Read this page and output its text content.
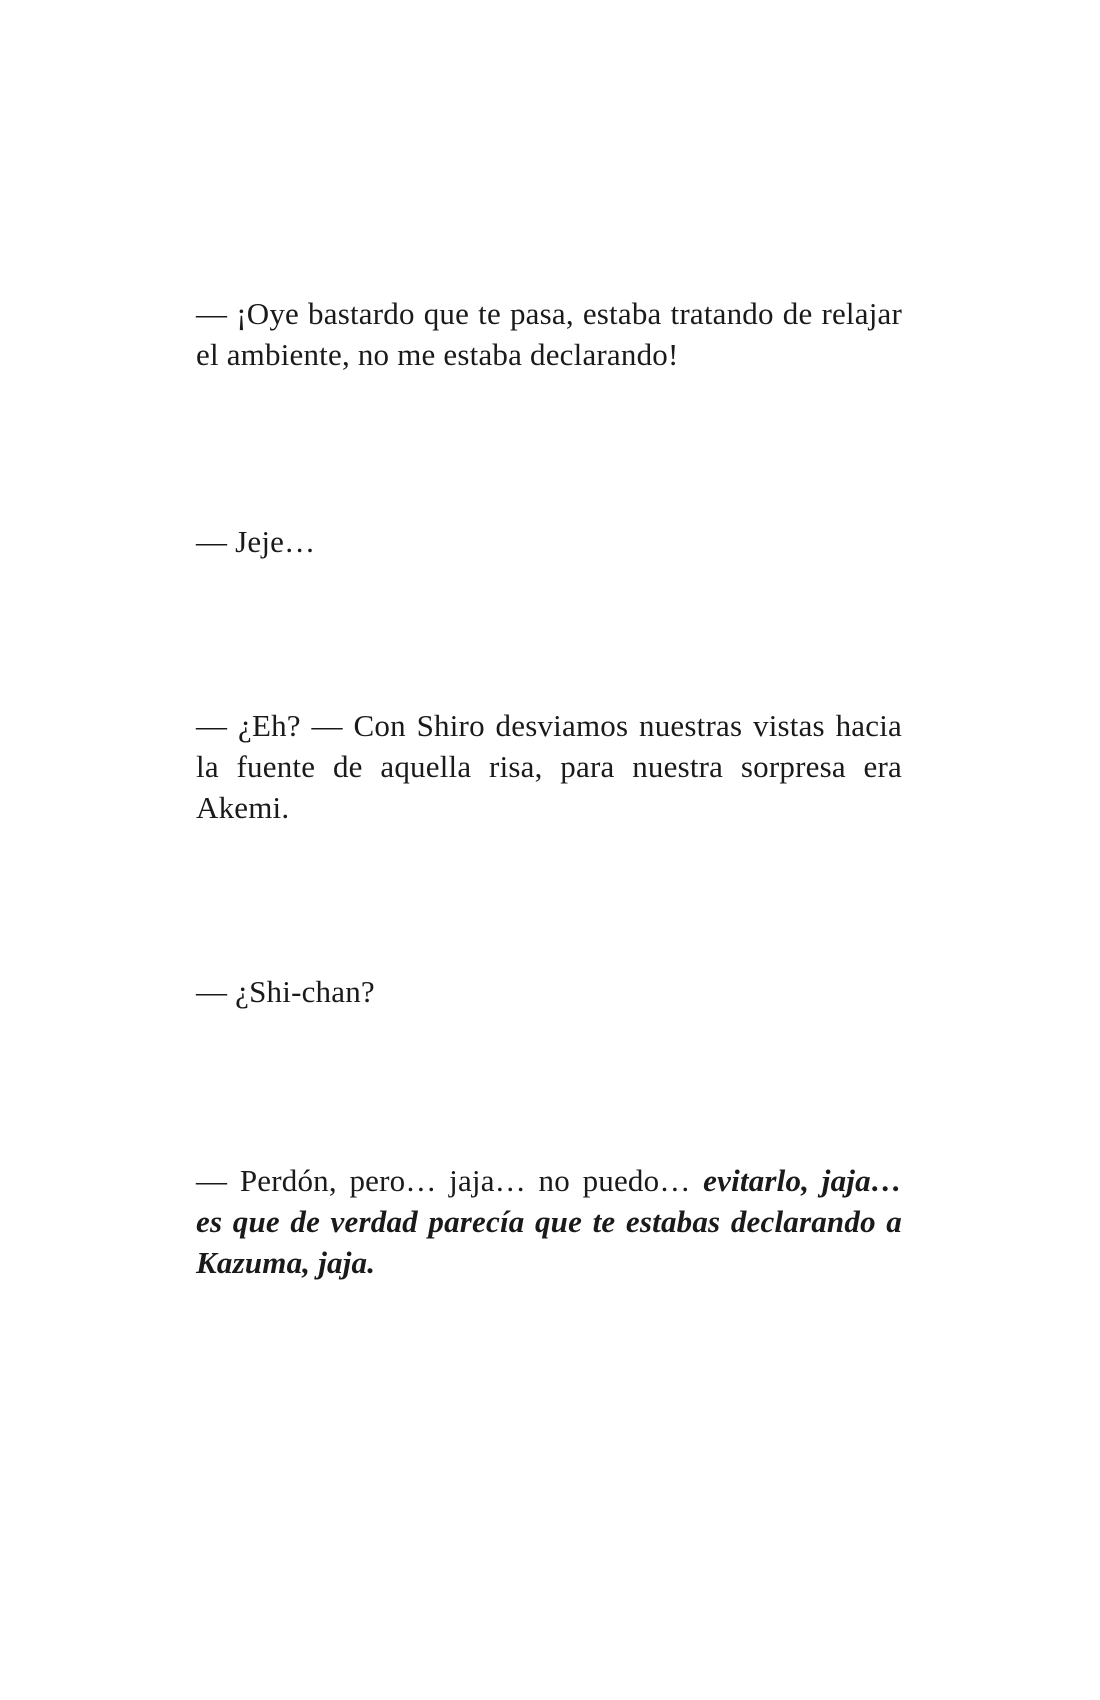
— ¡Oye bastardo que te pasa, estaba tratando de relajar el ambiente, no me estaba declarando!

— Jeje…

— ¿Eh? — Con Shiro desviamos nuestras vistas hacia la fuente de aquella risa, para nuestra sorpresa era Akemi.

— ¿Shi-chan?

— Perdón, pero… jaja… no puedo… evitarlo, jaja… es que de verdad parecía que te estabas declarando a Kazuma, jaja.
